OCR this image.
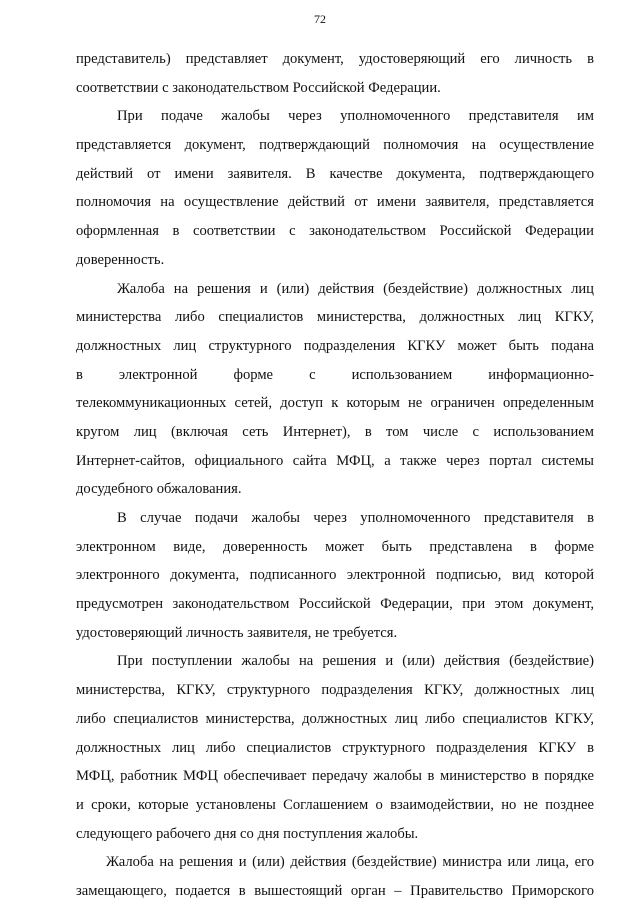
72
представитель) представляет документ, удостоверяющий его личность в
соответствии с законодательством Российской Федерации.
При подаче жалобы через уполномоченного представителя им
представляется документ, подтверждающий полномочия на осуществление
действий от имени заявителя. В качестве документа, подтверждающего
полномочия на осуществление действий от имени заявителя, представляется
оформленная в соответствии с законодательством Российской Федерации
доверенность.
Жалоба на решения и (или) действия (бездействие) должностных лиц
министерства либо специалистов министерства, должностных лиц КГКУ,
должностных лиц структурного подразделения КГКУ может быть подана
в электронной форме с использованием информационно-
телекоммуникационных сетей, доступ к которым не ограничен определенным
кругом лиц (включая сеть Интернет), в том числе с использованием
Интернет-сайтов, официального сайта МФЦ, а также через портал системы
досудебного обжалования.
В случае подачи жалобы через уполномоченного представителя в
электронном виде, доверенность может быть представлена в форме
электронного документа, подписанного электронной подписью, вид которой
предусмотрен законодательством Российской Федерации, при этом документ,
удостоверяющий личность заявителя, не требуется.
При поступлении жалобы на решения и (или) действия (бездействие)
министерства, КГКУ, структурного подразделения КГКУ, должностных лиц
либо специалистов министерства, должностных лиц либо специалистов КГКУ,
должностных лиц либо специалистов структурного подразделения КГКУ в
МФЦ, работник МФЦ обеспечивает передачу жалобы в министерство в порядке
и сроки, которые установлены Соглашением о взаимодействии, но не позднее
следующего рабочего дня со дня поступления жалобы.
Жалоба на решения и (или) действия (бездействие) министра или лица, его
замещающего, подается в вышестоящий орган – Правительство Приморского
